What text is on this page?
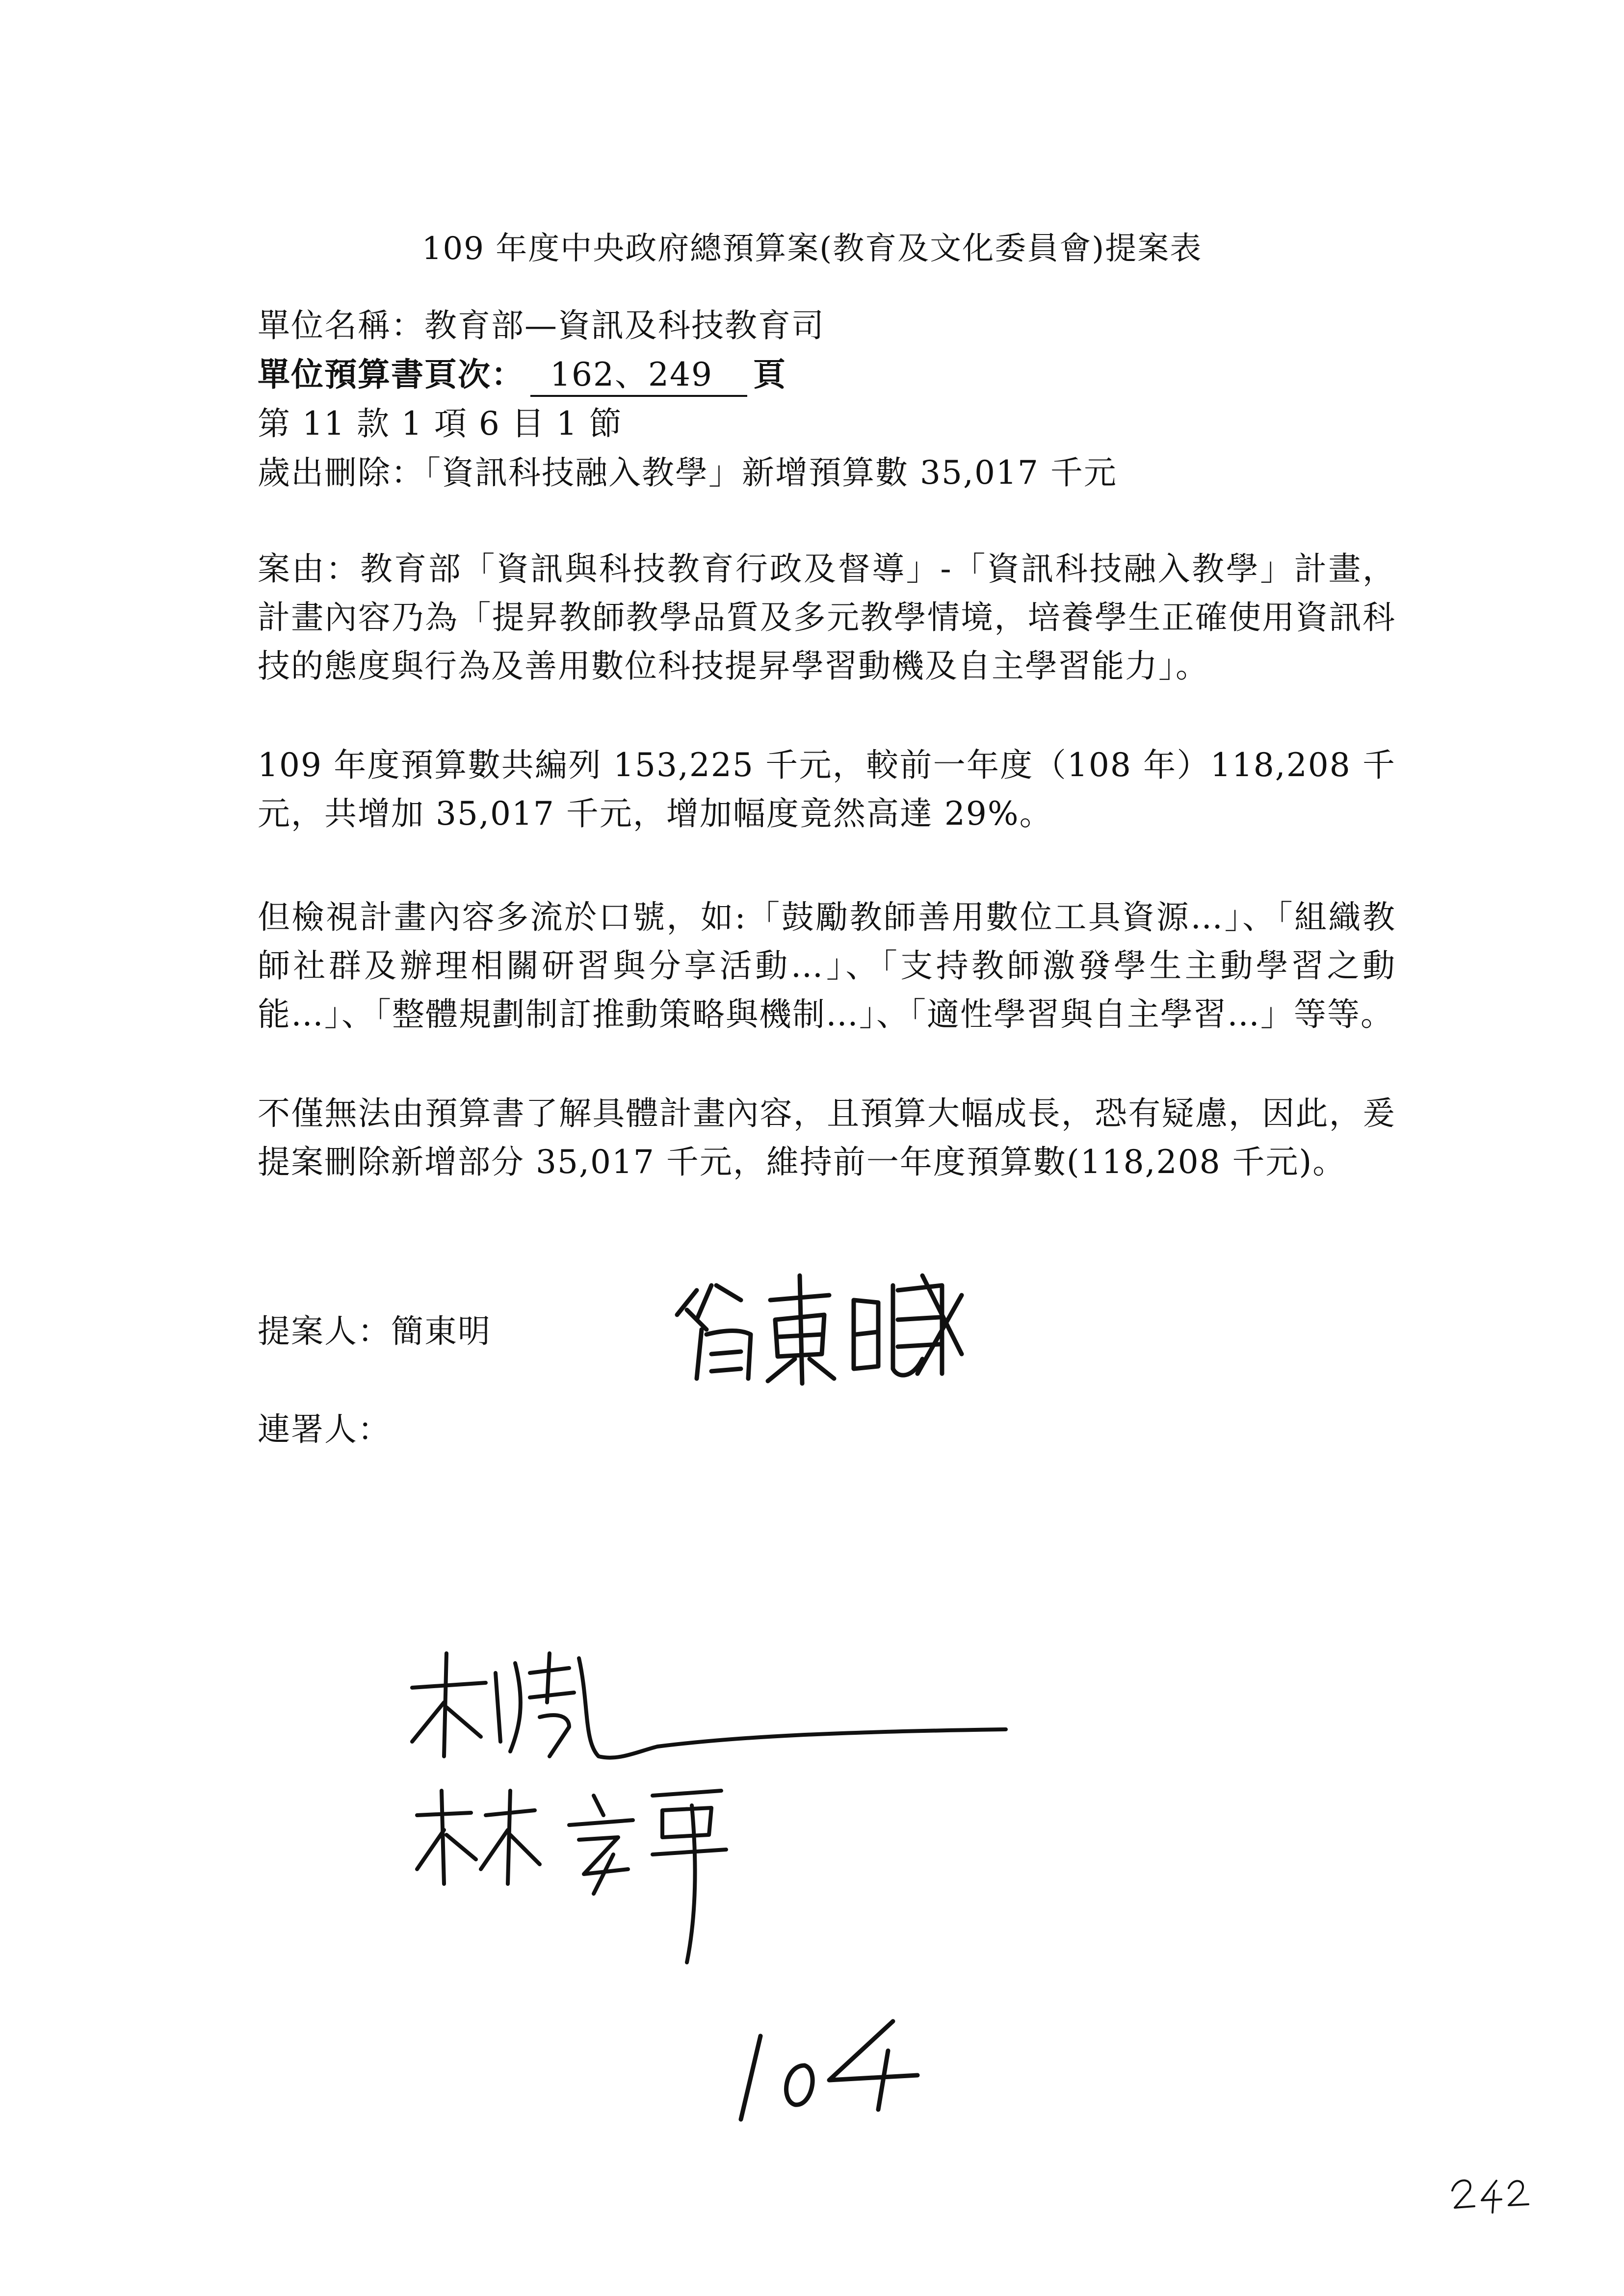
109 年度中央政府總預算案(教育及文化委員會)提案表
單位名稱：教育部—資訊及科技教育司
單位預算書頁次： 162、249 頁
第 11 款 1 項 6 目 1 節
歲出刪除：「資訊科技融入教學」新增預算數 35,017 千元

案由：教育部「資訊與科技教育行政及督導」-「資訊科技融入教學」計畫，計畫內容乃為「提昇教師教學品質及多元教學情境，培養學生正確使用資訊科技的態度與行為及善用數位科技提昇學習動機及自主學習能力」。

109 年度預算數共編列 153,225 千元，較前一年度（108 年）118,208 千元，共增加 35,017 千元，增加幅度竟然高達 29%。

但檢視計畫內容多流於口號，如:「鼓勵教師善用數位工具資源…」、「組織教師社群及辦理相關研習與分享活動…」、「支持教師激發學生主動學習之動能…」、「整體規劃制訂推動策略與機制…」、「適性學習與自主學習…」等等。

不僅無法由預算書了解具體計畫內容，且預算大幅成長，恐有疑慮，因此，爰提案刪除新增部分 35,017 千元，維持前一年度預算數(118,208 千元)。

提案人：簡東明
連署人：
